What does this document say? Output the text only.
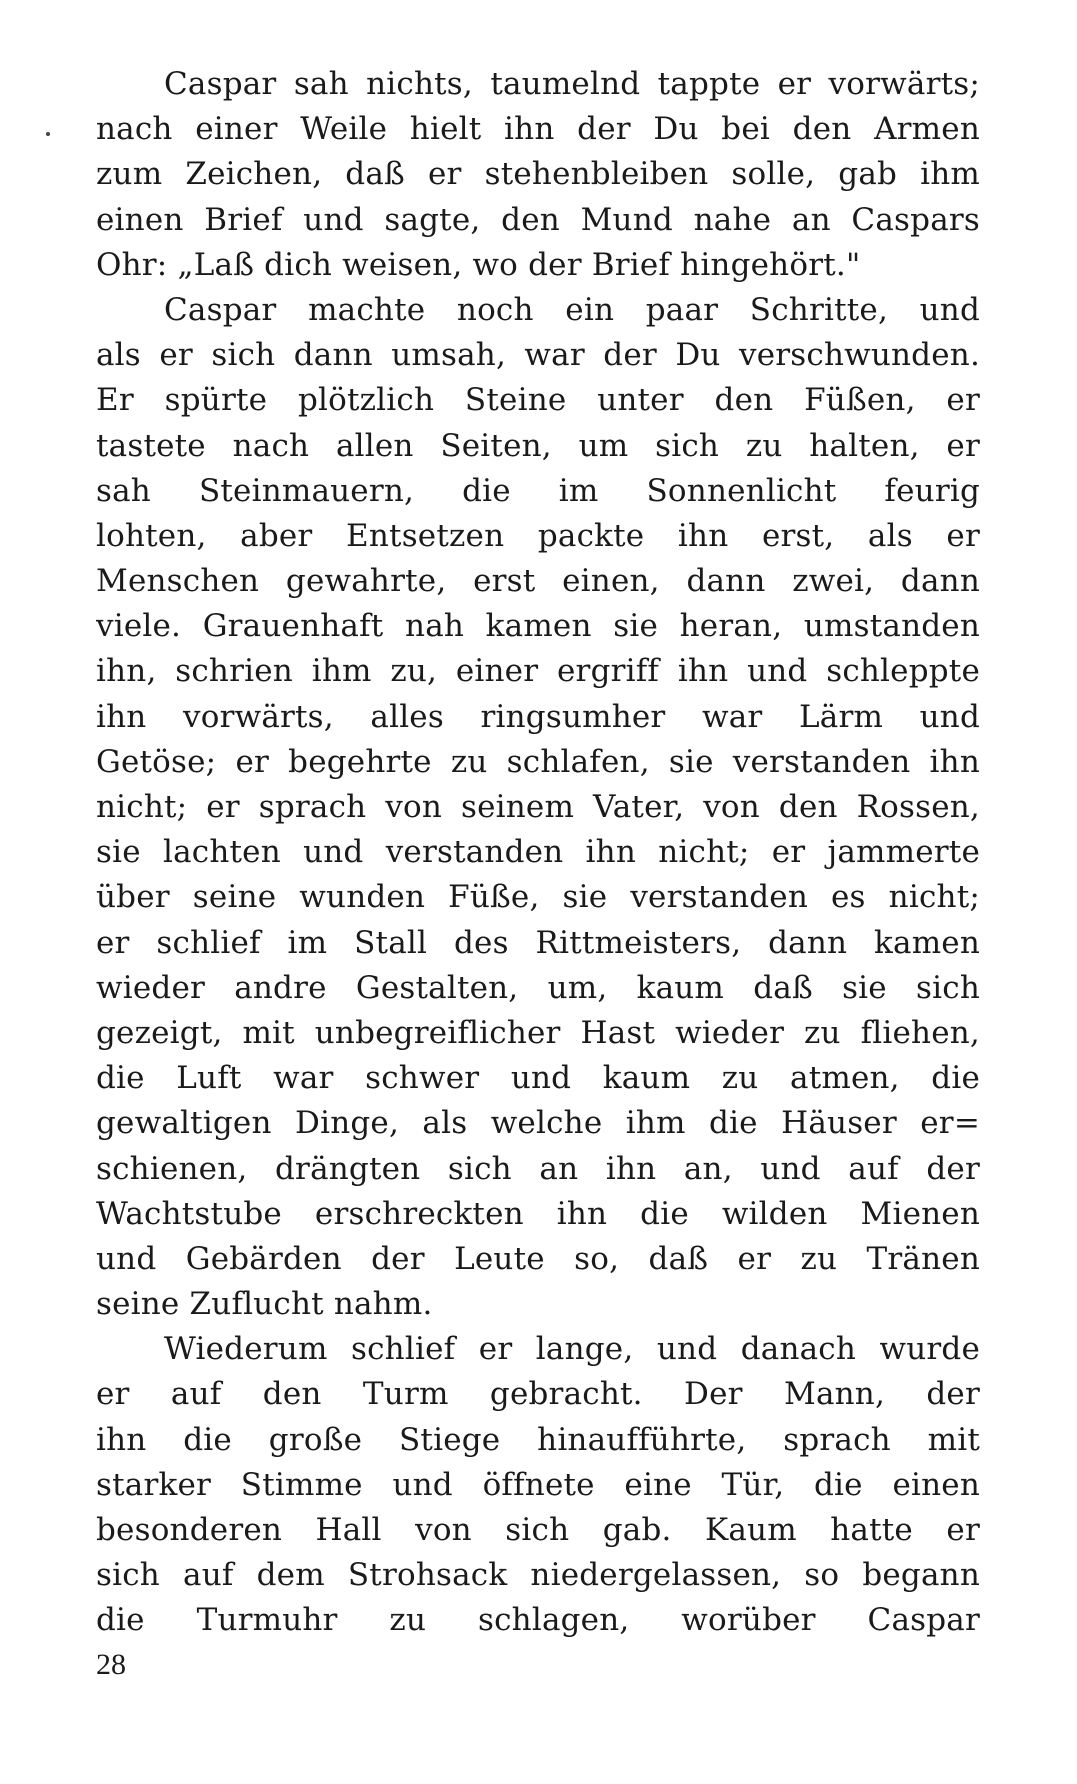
Caspar sah nichts, taumelnd tappte er vorwärts;
nach einer Weile hielt ihn der Du bei den Armen
zum Zeichen, daß er stehenbleiben solle, gab ihm
einen Brief und sagte, den Mund nahe an Caspars
Ohr: „Laß dich weisen, wo der Brief hingehört."
Caspar machte noch ein paar Schritte, und
als er sich dann umsah, war der Du verschwunden.
Er spürte plötzlich Steine unter den Füßen, er
tastete nach allen Seiten, um sich zu halten, er
sah Steinmauern, die im Sonnenlicht feurig
lohten, aber Entsetzen packte ihn erst, als er
Menschen gewahrte, erst einen, dann zwei, dann
viele. Grauenhaft nah kamen sie heran, umstanden
ihn, schrien ihm zu, einer ergriff ihn und schleppte
ihn vorwärts, alles ringsumher war Lärm und
Getöse; er begehrte zu schlafen, sie verstanden ihn
nicht; er sprach von seinem Vater, von den Rossen,
sie lachten und verstanden ihn nicht; er jammerte
über seine wunden Füße, sie verstanden es nicht;
er schlief im Stall des Rittmeisters, dann kamen
wieder andre Gestalten, um, kaum daß sie sich
gezeigt, mit unbegreiflicher Hast wieder zu fliehen,
die Luft war schwer und kaum zu atmen, die
gewaltigen Dinge, als welche ihm die Häuser er=
schienen, drängten sich an ihn an, und auf der
Wachtstube erschreckten ihn die wilden Mienen
und Gebärden der Leute so, daß er zu Tränen
seine Zuflucht nahm.
Wiederum schlief er lange, und danach wurde
er auf den Turm gebracht. Der Mann, der
ihn die große Stiege hinaufführte, sprach mit
starker Stimme und öffnete eine Tür, die einen
besonderen Hall von sich gab. Kaum hatte er
sich auf dem Strohsack niedergelassen, so begann
die Turmuhr zu schlagen, worüber Caspar
28
